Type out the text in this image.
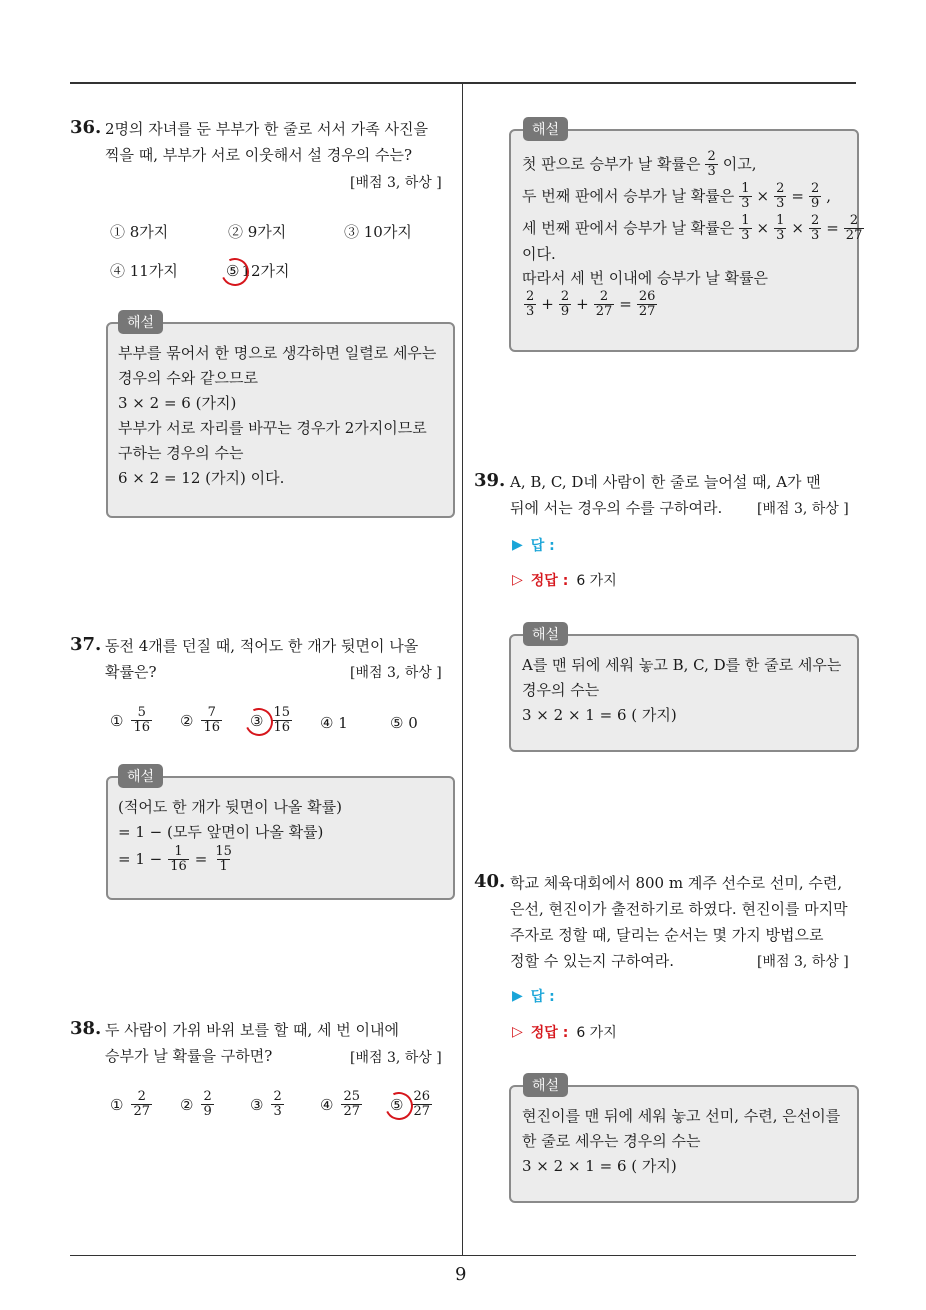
9
36. 2명의 자녀를 둔 부부가 한 줄로 서서 가족 사진을
찍을 때, 부부가 서로 이웃해서 설 경우의 수는?
[배점 3, 하상 ]
① 8가지	② 9가지	③ 10가지
④ 11가지	⑤ 12가지
해설
부부를 묶어서 한 명으로 생각하면 일렬로 세우는
경우의 수와 같으므로
3 × 2 = 6 (가지)
부부가 서로 자리를 바꾸는 경우가 2가지이므로
구하는 경우의 수는
6 × 2 = 12 (가지) 이다.
37. 동전 4개를 던질 때, 적어도 한 개가 뒷면이 나올
확률은?	[배점 3, 하상 ]
① $\frac{5}{16}$ ② $\frac{7}{16}$ ③ $\frac{15}{16}$ ④ 1	⑤ 0
해설
(적어도 한 개가 뒷면이 나올 확률)
= 1 − (모두 앞면이 나올 확률)
= $1 - \frac{1}{16} = \frac{15}{1}$
38. 두 사람이 가위 바위 보를 할 때, 세 번 이내에
승부가 날 확률을 구하면?	[배점 3, 하상 ]
① $\frac{2}{27}$ ② $\frac{2}{9}$ ③ $\frac{2}{3}$ ④ $\frac{25}{27}$ ⑤ $\frac{26}{27}$
해설
첫 판으로 승부가 날 확률은 $\frac{2}{3}$ 이고,
두 번째 판에서 승부가 날 확률은 $\frac{1}{3} \times \frac{2}{3} = \frac{2}{9}$ ,
세 번째 판에서 승부가 날 확률은 $\frac{1}{3} \times \frac{1}{3} \times \frac{2}{3} = \frac{2}{27}$
이다.
따라서 세 번 이내에 승부가 날 확률은
$\frac{2}{3} + \frac{2}{9} + \frac{2}{27} = \frac{26}{27}$
39. A, B, C, D네 사람이 한 줄로 늘어설 때, A가 맨
뒤에 서는 경우의 수를 구하여라. [배점 3, 하상 ]
▶ 답 :
▷ 정답 : 6 가지
해설
A를 맨 뒤에 세워 놓고 B, C, D를 한 줄로 세우는
경우의 수는
3 × 2 × 1 = 6 ( 가지)
40. 학교 체육대회에서 800 m 계주 선수로 선미, 수련,
은선, 현진이가 출전하기로 하였다. 현진이를 마지막
주자로 정할 때, 달리는 순서는 몇 가지 방법으로
정할 수 있는지 구하여라.	[배점 3, 하상 ]
▶ 답 :
▷ 정답 : 6 가지
해설
현진이를 맨 뒤에 세워 놓고 선미, 수련, 은선이를
한 줄로 세우는 경우의 수는
3 × 2 × 1 = 6 ( 가지)
